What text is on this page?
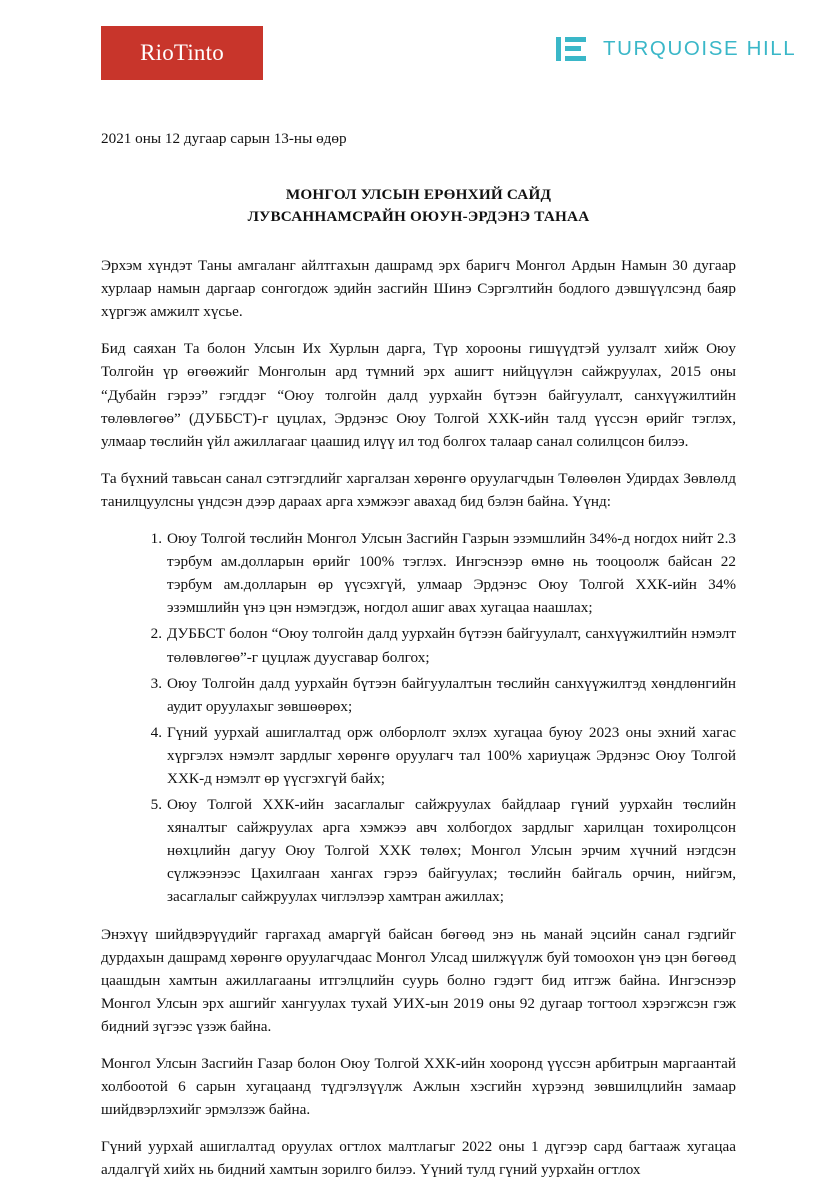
RioTinto	TURQUOISE HILL

2021 оны 12 дугаар сарын 13-ны өдөр

МОНГОЛ УЛСЫН ЕРӨНХИЙ САЙД
ЛУВСАННАМСРАЙН ОЮУН-ЭРДЭНЭ ТАНАА

Эрхэм хүндэт Таны амгаланг айлтгахын дашрамд эрх баригч Монгол Ардын Намын 30 дугаар хурлаар намын даргаар сонгогдож эдийн засгийн Шинэ Сэргэлтийн бодлого дэвшүүлсэнд баяр хүргэж амжилт хүсье.

Бид саяхан Та болон Улсын Их Хурлын дарга, Түр хорооны гишүүдтэй уулзалт хийж Оюу Толгойн үр өгөөжийг Монголын ард түмний эрх ашигт нийцүүлэн сайжруулах, 2015 оны “Дубайн гэрээ” гэгддэг “Оюу толгойн далд уурхайн бүтээн байгуулалт, санхүүжилтийн төлөвлөгөө” (ДУББСТ)-г цуцлах, Эрдэнэс Оюу Толгой ХХК-ийн талд үүссэн өрийг тэглэх, улмаар төслийн үйл ажиллагааг цаашид илүү ил тод болгох талаар санал солилцсон билээ.

Та бүхний тавьсан санал сэтгэгдлийг харгалзан хөрөнгө оруулагчдын Төлөөлөн Удирдах Зөвлөлд танилцуулсны үндсэн дээр дараах арга хэмжээг авахад бид бэлэн байна. Үүнд:

Оюу Толгой төслийн Монгол Улсын Засгийн Газрын эзэмшлийн 34%-д ногдох нийт 2.3 тэрбум ам.долларын өрийг 100% тэглэх. Ингэснээр өмнө нь тооцоолж байсан 22 тэрбум ам.долларын өр үүсэхгүй, улмаар Эрдэнэс Оюу Толгой ХХК-ийн 34% эзэмшлийн үнэ цэн нэмэгдэж, ногдол ашиг авах хугацаа наашлах;
ДУББСТ болон “Оюу толгойн далд уурхайн бүтээн байгуулалт, санхүүжилтийн нэмэлт төлөвлөгөө”-г цуцлаж дуусгавар болгох;
Оюу Толгойн далд уурхайн бүтээн байгуулалтын төслийн санхүүжилтэд хөндлөнгийн аудит оруулахыг зөвшөөрөх;
Гүний уурхай ашиглалтад орж олборлолт эхлэх хугацаа буюу 2023 оны эхний хагас хүргэлэх нэмэлт зардлыг хөрөнгө оруулагч тал 100% хариуцаж Эрдэнэс Оюу Толгой ХХК-д нэмэлт өр үүсгэхгүй байх;
Оюу Толгой ХХК-ийн засаглалыг сайжруулах байдлаар гүний уурхайн төслийн хяналтыг сайжруулах арга хэмжээ авч холбогдох зардлыг харилцан тохиролцсон нөхцлийн дагуу Оюу Толгой ХХК төлөх; Монгол Улсын эрчим хүчний нэгдсэн сүлжээнээс Цахилгаан хангах гэрээ байгуулах; төслийн байгаль орчин, нийгэм, засаглалыг сайжруулах чиглэлээр хамтран ажиллах;

Энэхүү шийдвэрүүдийг гаргахад амаргүй байсан бөгөөд энэ нь манай эцсийн санал гэдгийг дурдахын дашрамд хөрөнгө оруулагчдаас Монгол Улсад шилжүүлж буй томоохон үнэ цэн бөгөөд цаашдын хамтын ажиллагааны итгэлцлийн суурь болно гэдэгт бид итгэж байна. Ингэснээр Монгол Улсын эрх ашгийг хангуулах тухай УИХ-ын 2019 оны 92 дугаар тогтоол хэрэгжсэн гэж бидний зүгээс үзэж байна.

Монгол Улсын Засгийн Газар болон Оюу Толгой ХХК-ийн хооронд үүссэн арбитрын маргаантай холбоотой 6 сарын хугацаанд түдгэлзүүлж Ажлын хэсгийн хүрээнд зөвшилцлийн замаар шийдвэрлэхийг эрмэлзэж байна.

Гүний уурхай ашиглалтад оруулах огтлох малтлагыг 2022 оны 1 дүгээр сард багтааж хугацаа алдалгүй хийх нь бидний хамтын зорилго билээ. Үүний тулд гүний уурхайн огтлох
